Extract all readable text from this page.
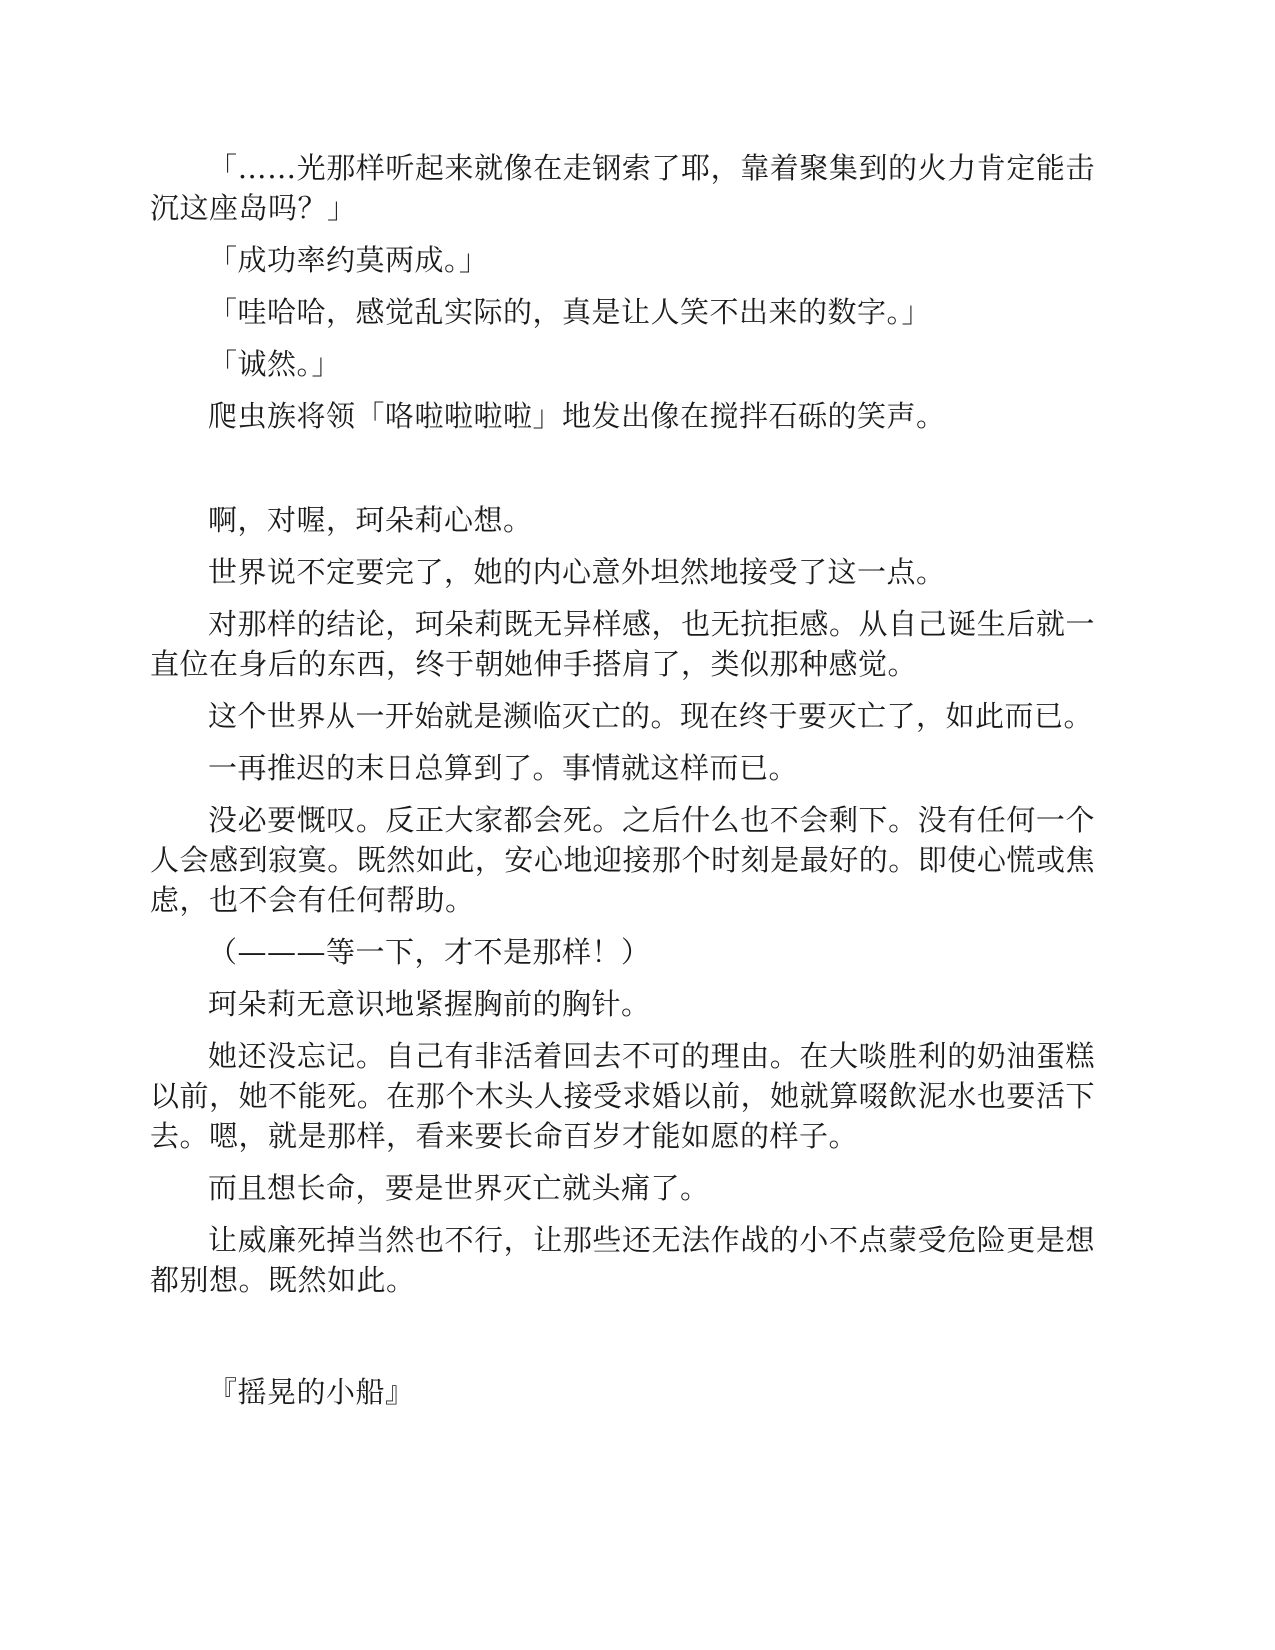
「……光那样听起来就像在走钢索了耶，靠着聚集到的火力肯定能击沉这座岛吗？」

「成功率约莫两成。」

「哇哈哈，感觉乱实际的，真是让人笑不出来的数字。」

「诚然。」

爬虫族将领「咯啦啦啦啦」地发出像在搅拌石砾的笑声。

啊，对喔，珂朵莉心想。

世界说不定要完了，她的内心意外坦然地接受了这一点。

对那样的结论，珂朵莉既无异样感，也无抗拒感。从自己诞生后就一直位在身后的东西，终于朝她伸手搭肩了，类似那种感觉。

这个世界从一开始就是濒临灭亡的。现在终于要灭亡了，如此而已。

一再推迟的末日总算到了。事情就这样而已。

没必要慨叹。反正大家都会死。之后什么也不会剩下。没有任何一个人会感到寂寞。既然如此，安心地迎接那个时刻是最好的。即使心慌或焦虑，也不会有任何帮助。

（———等一下，才不是那样！）

珂朵莉无意识地紧握胸前的胸针。

她还没忘记。自己有非活着回去不可的理由。在大啖胜利的奶油蛋糕以前，她不能死。在那个木头人接受求婚以前，她就算啜飲泥水也要活下去。嗯，就是那样，看来要长命百岁才能如愿的样子。

而且想长命，要是世界灭亡就头痛了。

让威廉死掉当然也不行，让那些还无法作战的小不点蒙受危险更是想都别想。既然如此。

『摇晃的小船』
